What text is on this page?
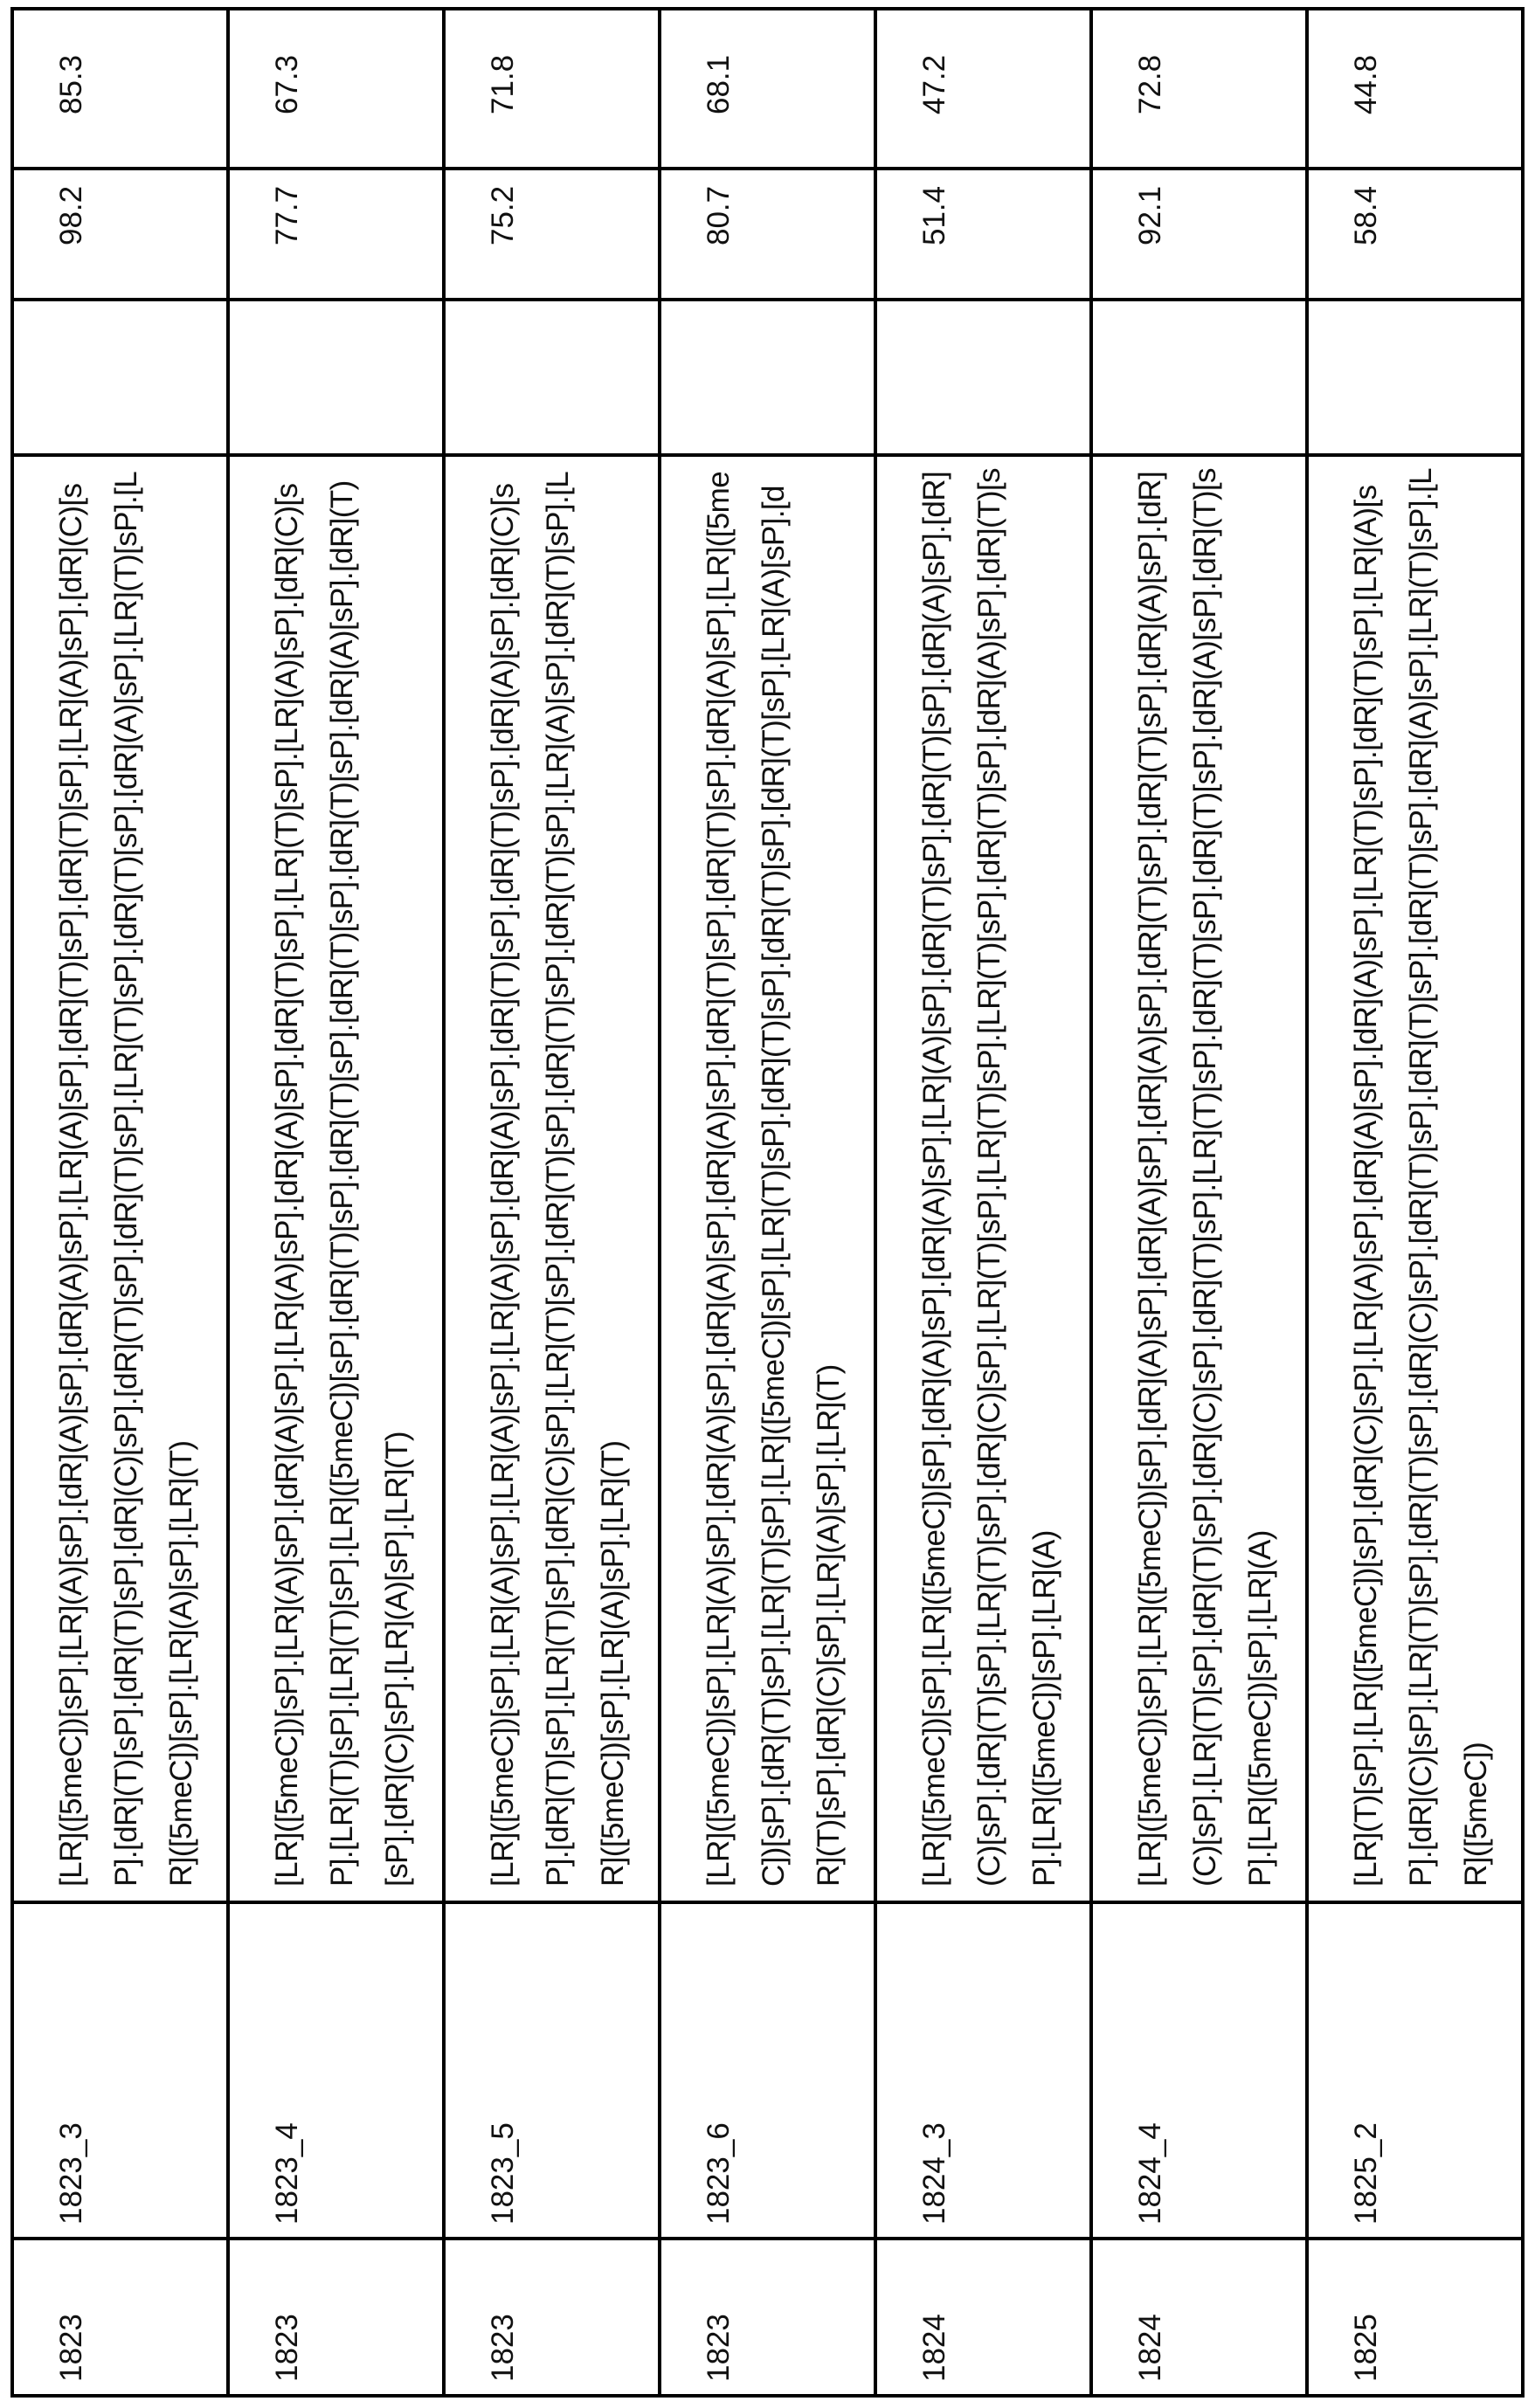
1823	1823_3	[LR]([5meC])[sP].[LR](A)[sP].[dR](A)[sP].[dR](A)[sP].[LR](A)[sP].[dR](T)[sP].[dR](T)[sP].[LR](A)[sP].[dR](C)[sP].[dR](T)[sP].[dR](T)[sP].[dR](C)[sP].[dR](T)[sP].[dR](T)[sP].[LR](T)[sP].[dR](T)[sP].[dR](A)[sP].[LR](T)[sP].[LR]([5meC])[sP].[LR](A)[sP].[LR](T)		98.2	85.3
1823	1823_4	[LR]([5meC])[sP].[LR](A)[sP].[dR](A)[sP].[LR](A)[sP].[dR](A)[sP].[dR](T)[sP].[LR](T)[sP].[LR](A)[sP].[dR](C)[sP].[LR](T)[sP].[LR](T)[sP].[LR]([5meC])[sP].[dR](T)[sP].[dR](T)[sP].[dR](T)[sP].[dR](T)[sP].[dR](A)[sP].[dR](T)[sP].[dR](C)[sP].[LR](A)[sP].[LR](T)		77.7	67.3
1823	1823_5	[LR]([5meC])[sP].[LR](A)[sP].[LR](A)[sP].[LR](A)[sP].[dR](A)[sP].[dR](T)[sP].[dR](T)[sP].[dR](A)[sP].[dR](C)[sP].[dR](T)[sP].[LR](T)[sP].[dR](C)[sP].[LR](T)[sP].[dR](T)[sP].[dR](T)[sP].[dR](T)[sP].[LR](A)[sP].[dR](T)[sP].[LR]([5meC])[sP].[LR](A)[sP].[LR](T)		75.2	71.8
1823	1823_6	[LR]([5meC])[sP].[LR](A)[sP].[dR](A)[sP].[dR](A)[sP].[dR](A)[sP].[dR](T)[sP].[dR](T)[sP].[dR](A)[sP].[LR]([5meC])[sP].[dR](T)[sP].[LR](T)[sP].[LR]([5meC])[sP].[LR](T)[sP].[dR](T)[sP].[dR](T)[sP].[dR](T)[sP].[LR](A)[sP].[dR](T)[sP].[dR](C)[sP].[LR](A)[sP].[LR](T)		80.7	68.1
1824	1824_3	[LR]([5meC])[sP].[LR]([5meC])[sP].[dR](A)[sP].[dR](A)[sP].[LR](A)[sP].[dR](T)[sP].[dR](T)[sP].[dR](A)[sP].[dR](C)[sP].[dR](T)[sP].[LR](T)[sP].[dR](C)[sP].[LR](T)[sP].[LR](T)[sP].[LR](T)[sP].[dR](T)[sP].[dR](A)[sP].[dR](T)[sP].[LR]([5meC])[sP].[LR](A)		51.4	47.2
1824	1824_4	[LR]([5meC])[sP].[LR]([5meC])[sP].[dR](A)[sP].[dR](A)[sP].[dR](A)[sP].[dR](T)[sP].[dR](T)[sP].[dR](A)[sP].[dR](C)[sP].[LR](T)[sP].[dR](T)[sP].[dR](C)[sP].[dR](T)[sP].[LR](T)[sP].[dR](T)[sP].[dR](T)[sP].[dR](A)[sP].[dR](T)[sP].[LR]([5meC])[sP].[LR](A)		92.1	72.8
1825	1825_2	[LR](T)[sP].[LR]([5meC])[sP].[dR](C)[sP].[LR](A)[sP].[dR](A)[sP].[dR](A)[sP].[LR](T)[sP].[dR](T)[sP].[LR](A)[sP].[dR](C)[sP].[LR](T)[sP].[dR](T)[sP].[dR](C)[sP].[dR](T)[sP].[dR](T)[sP].[dR](T)[sP].[dR](A)[sP].[LR](T)[sP].[LR]([5meC])		58.4	44.8
